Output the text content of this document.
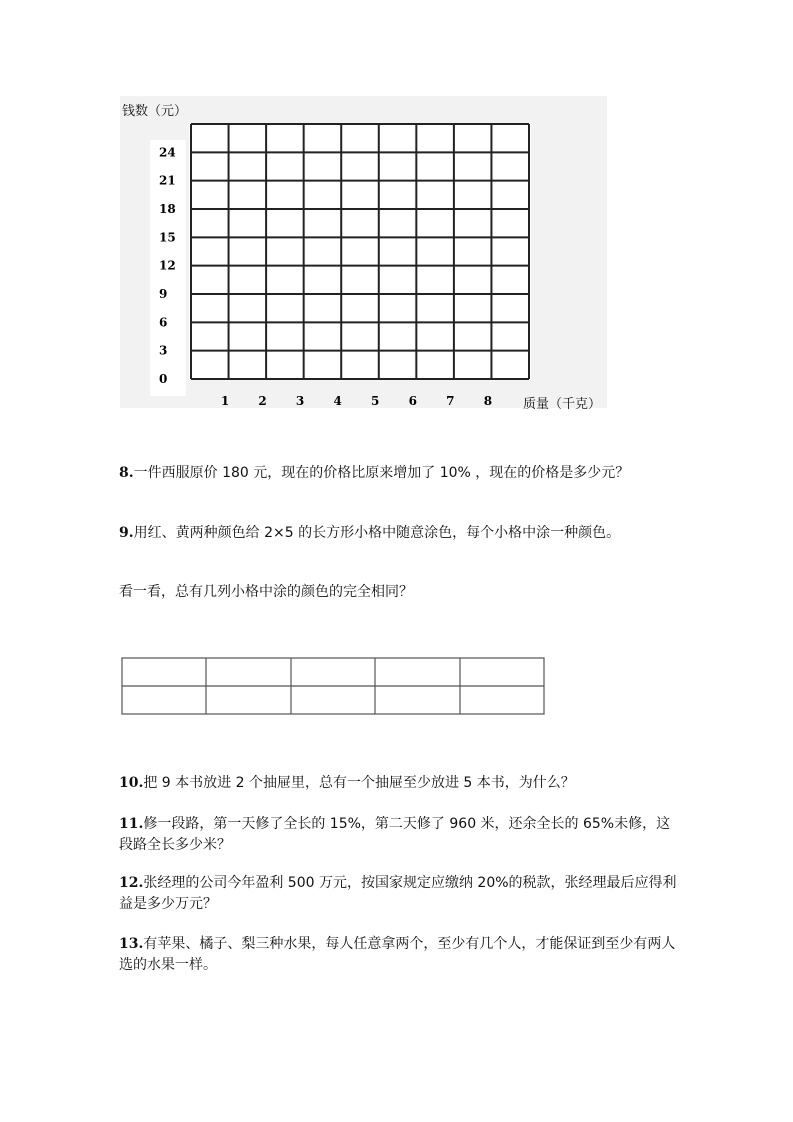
钱数（元）
质量（千克）
24
21
18
15
12
9
6
3
0
1 2 3 4 5 6 7 8
8.一件西服原价 180 元，现在的价格比原来增加了 10% ，现在的价格是多少元？
9.用红、黄两种颜色给 2×5 的长方形小格中随意涂色，每个小格中涂一种颜色。
看一看，总有几列小格中涂的颜色的完全相同？
10.把 9 本书放进 2 个抽屉里，总有一个抽屉至少放进 5 本书，为什么？
11.修一段路，第一天修了全长的 15%，第二天修了 960 米，还余全长的 65%未修，这段路全长多少米？
12.张经理的公司今年盈利 500 万元，按国家规定应缴纳 20%的税款，张经理最后应得利益是多少万元？
13.有苹果、橘子、梨三种水果，每人任意拿两个，至少有几个人，才能保证到至少有两人选的水果一样。
